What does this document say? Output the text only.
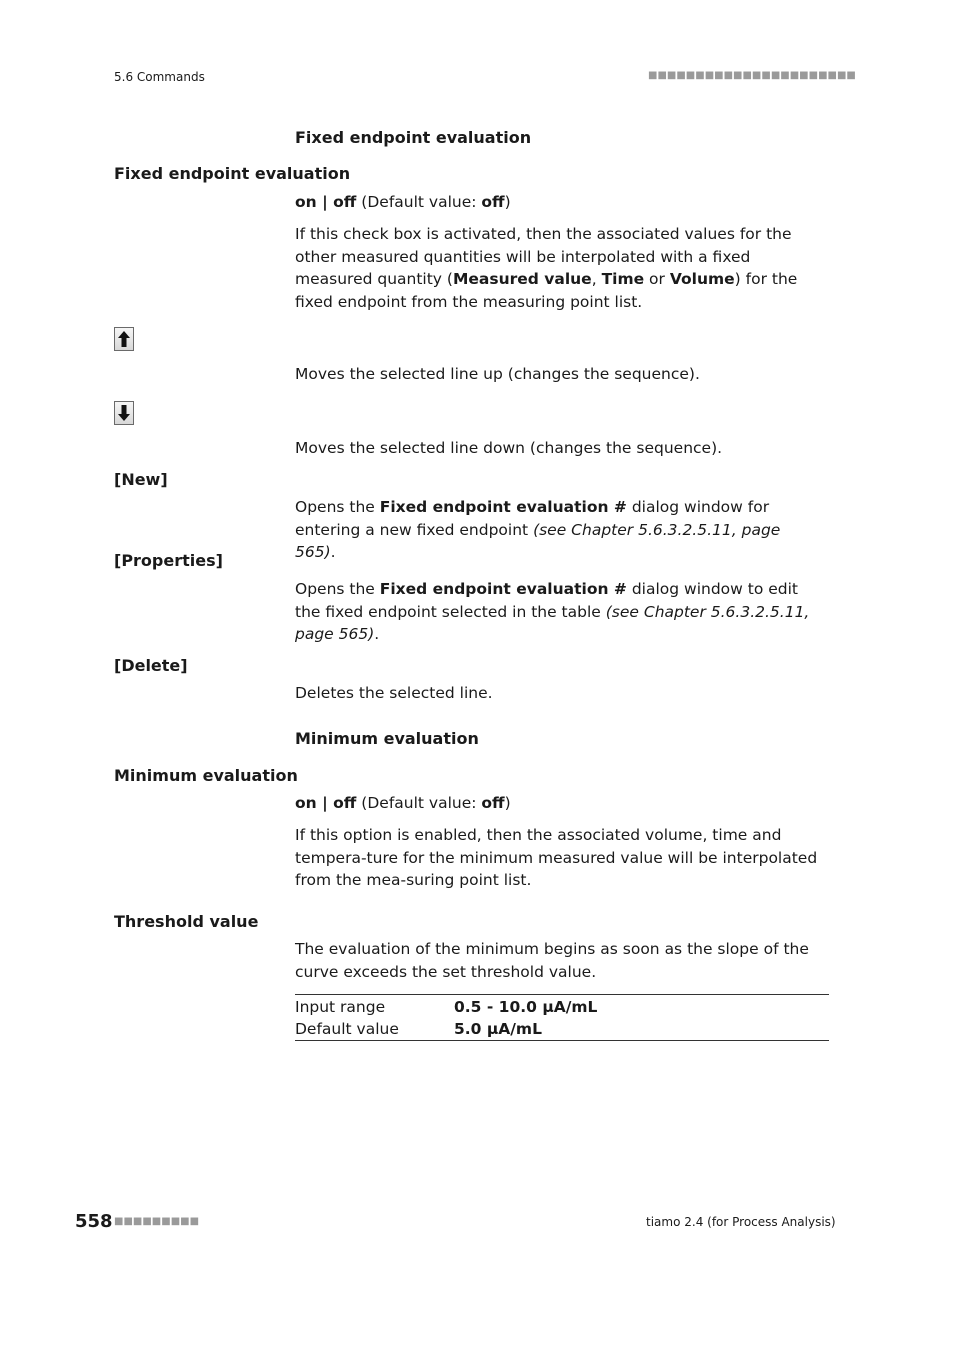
5.6 Commands	■■■■■■■■■■■■■■■■■■■■■■
Fixed endpoint evaluation
Fixed endpoint evaluation
on | off (Default value: off)
If this check box is activated, then the associated values for the other measured quantities will be interpolated with a fixed measured quantity (Measured value, Time or Volume) for the fixed endpoint from the measuring point list.
Moves the selected line up (changes the sequence).
Moves the selected line down (changes the sequence).
[New]
Opens the Fixed endpoint evaluation # dialog window for entering a new fixed endpoint (see Chapter 5.6.3.2.5.11, page 565).
[Properties]
Opens the Fixed endpoint evaluation # dialog window to edit the fixed endpoint selected in the table (see Chapter 5.6.3.2.5.11, page 565).
[Delete]
Deletes the selected line.
Minimum evaluation
Minimum evaluation
on | off (Default value: off)
If this option is enabled, then the associated volume, time and tempera-ture for the minimum measured value will be interpolated from the mea-suring point list.
Threshold value
The evaluation of the minimum begins as soon as the slope of the curve exceeds the set threshold value.
Input range	0.5 - 10.0 µA/mL
Default value	5.0 µA/mL
558 ■■■■■■■■■	tiamo 2.4 (for Process Analysis)
